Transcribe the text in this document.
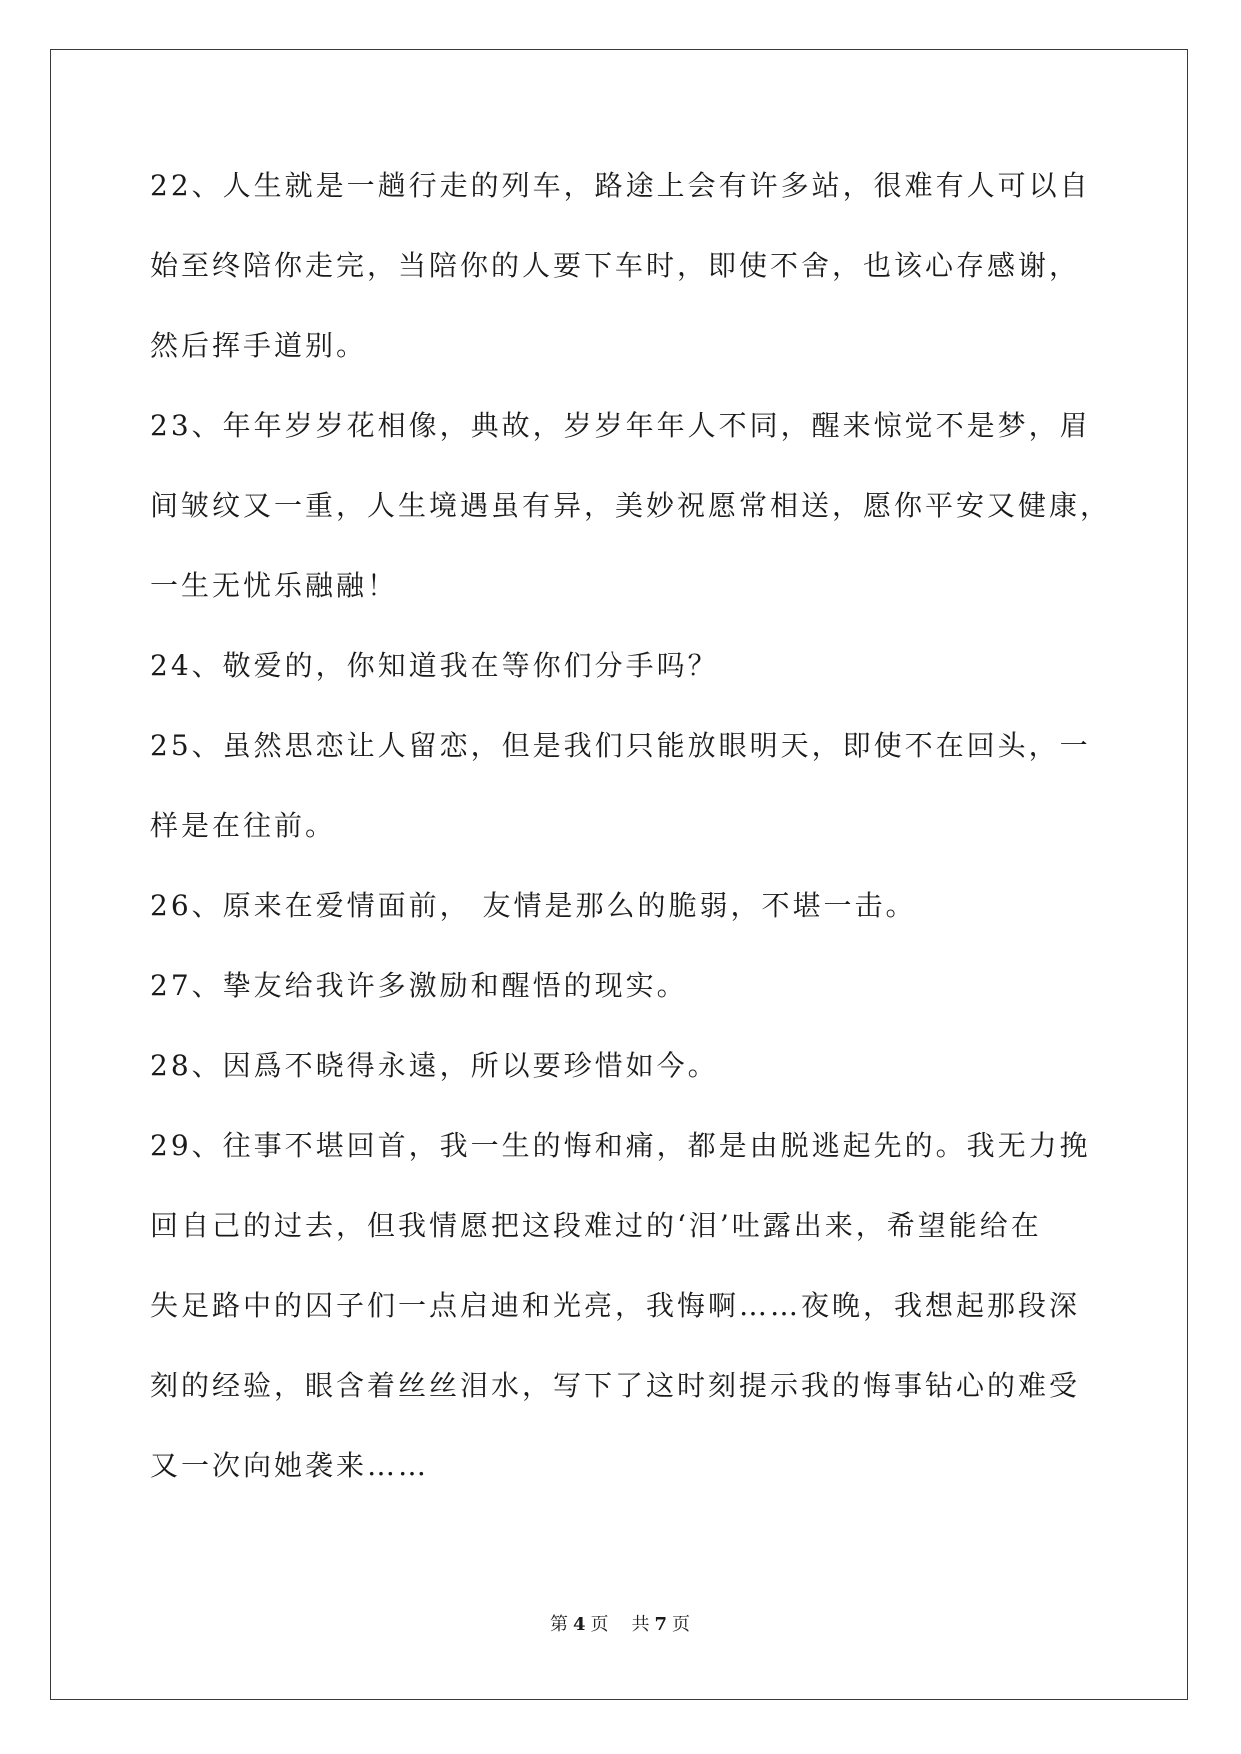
22、人生就是一趟行走的列车，路途上会有许多站，很难有人可以自
始至终陪你走完，当陪你的人要下车时，即使不舍，也该心存感谢，
然后挥手道别。
23、年年岁岁花相像，典故，岁岁年年人不同，醒来惊觉不是梦，眉
间皱纹又一重，人生境遇虽有异，美妙祝愿常相送，愿你平安又健康，
一生无忧乐融融！
24、敬爱的，你知道我在等你们分手吗？
25、虽然思恋让人留恋，但是我们只能放眼明天，即使不在回头，一
样是在往前。
26、原来在爱情面前， 友情是那么的脆弱，不堪一击。
27、挚友给我许多激励和醒悟的现实。
28、因爲不晓得永遠，所以要珍惜如今。
29、往事不堪回首，我一生的悔和痛，都是由脱逃起先的。我无力挽
回自己的过去，但我情愿把这段难过的‘泪’吐露出来，希望能给在
失足路中的囚子们一点启迪和光亮，我悔啊……夜晚，我想起那段深
刻的经验，眼含着丝丝泪水，写下了这时刻提示我的悔事钻心的难受
又一次向她袭来……
第 4 页 共 7 页
